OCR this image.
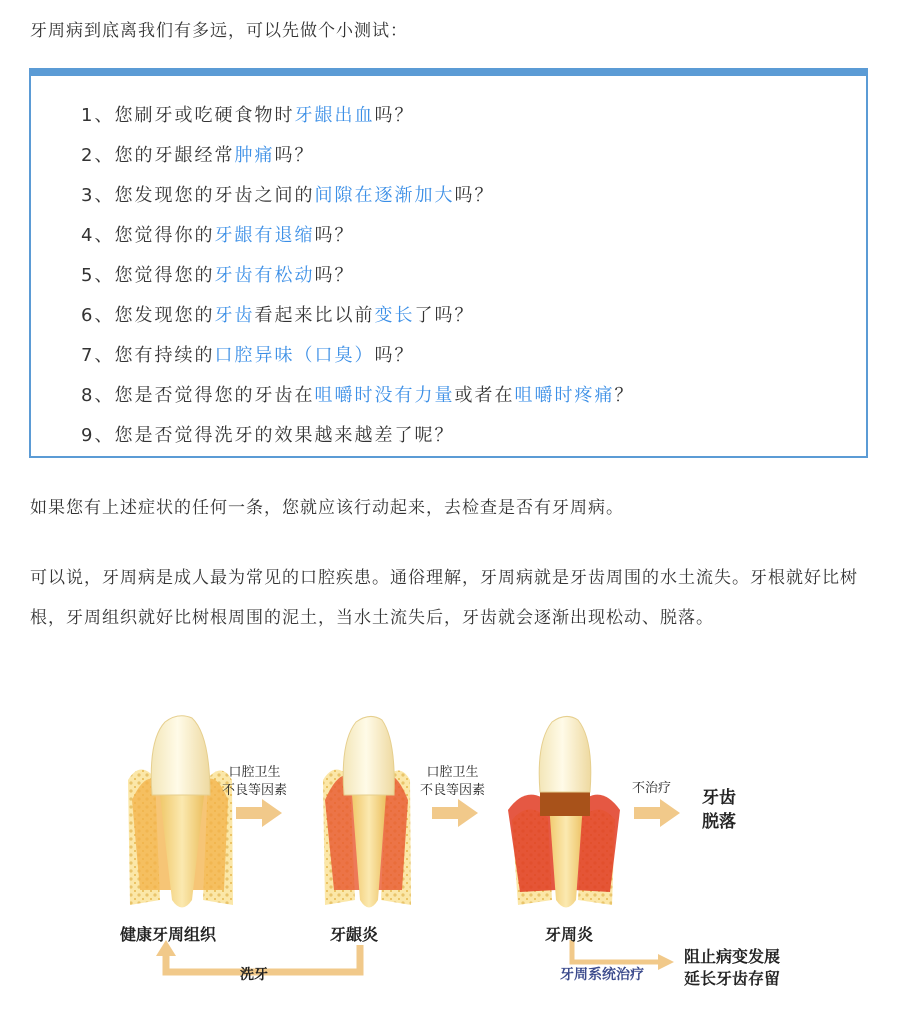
牙周病到底离我们有多远，可以先做个小测试：
1、您刷牙或吃硬食物时牙龈出血吗？
2、您的牙龈经常肿痛吗？
3、您发现您的牙齿之间的间隙在逐渐加大吗？
4、您觉得你的牙龈有退缩吗？
5、您觉得您的牙齿有松动吗？
6、您发现您的牙齿看起来比以前变长了吗？
7、您有持续的口腔异味（口臭）吗？
8、您是否觉得您的牙齿在咀嚼时没有力量或者在咀嚼时疼痛？
9、您是否觉得洗牙的效果越来越差了呢？

如果您有上述症状的任何一条，您就应该行动起来，去检查是否有牙周病。

可以说，牙周病是成人最为常见的口腔疾患。通俗理解，牙周病就是牙齿周围的水土流失。牙根就好比树根，牙周组织就好比树根周围的泥土，当水土流失后，牙齿就会逐渐出现松动、脱落。

口腔卫生
不良等因素
口腔卫生
不良等因素	不治疗 牙齿
脱落
健康牙周组织	牙龈炎	牙周炎
洗牙	牙周系统治疗
阻止病变发展
延长牙齿存留
